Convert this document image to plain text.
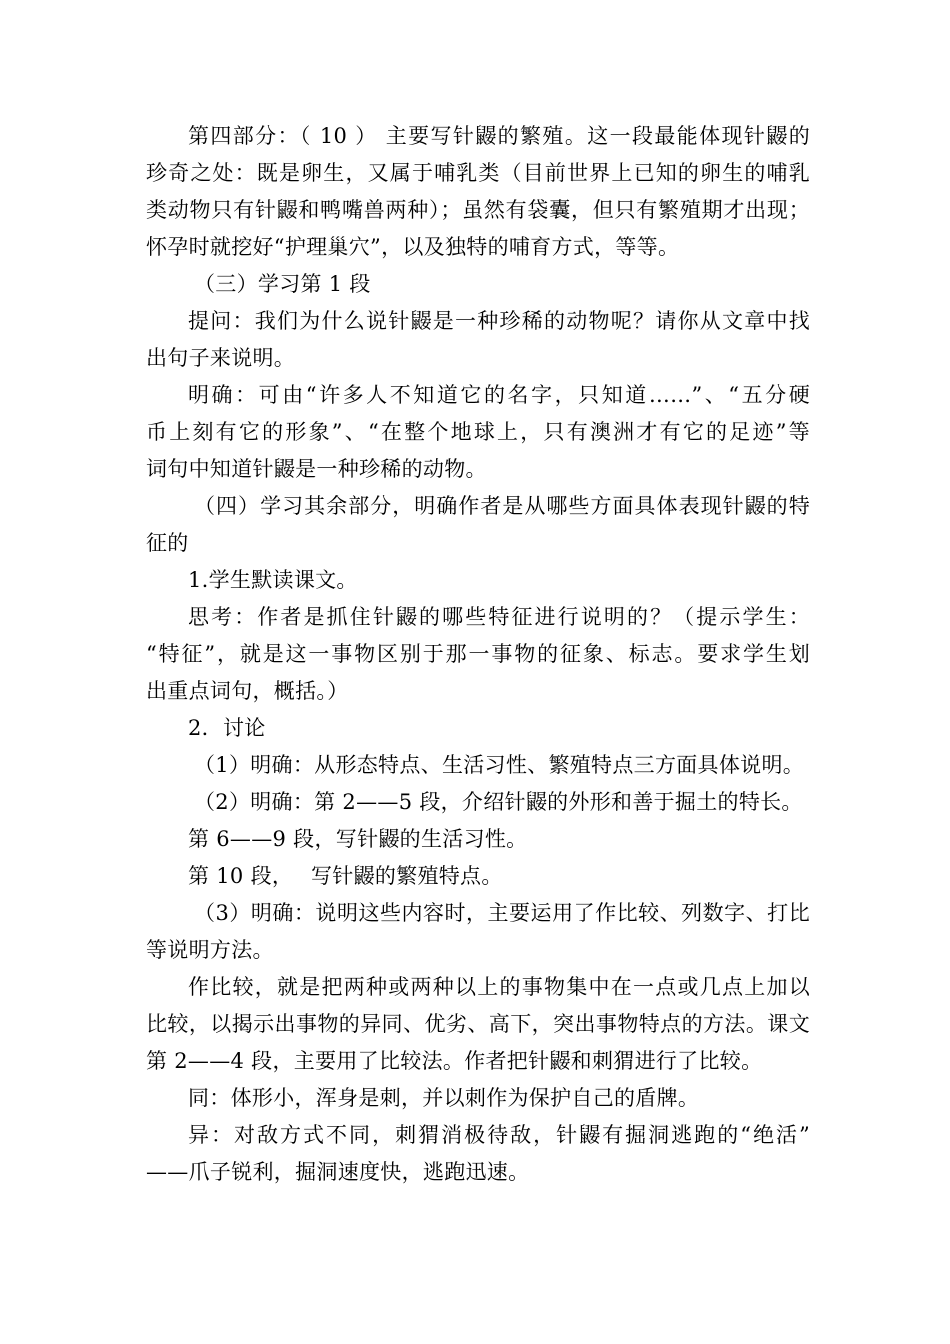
第四部分：（ 10 ） 主要写针鼹的繁殖。这一段最能体现针鼹的
珍奇之处：既是卵生，又属于哺乳类（目前世界上已知的卵生的哺乳
类动物只有针鼹和鸭嘴兽两种）；虽然有袋囊，但只有繁殖期才出现；
怀孕时就挖好“护理巢穴”，以及独特的哺育方式，等等。
（三）学习第 1 段
提问：我们为什么说针鼹是一种珍稀的动物呢？请你从文章中找
出句子来说明。
明确：可由“许多人不知道它的名字，只知道……”、“五分硬
币上刻有它的形象”、“在整个地球上，只有澳洲才有它的足迹”等
词句中知道针鼹是一种珍稀的动物。
（四）学习其余部分，明确作者是从哪些方面具体表现针鼹的特
征的
1.学生默读课文。
思考：作者是抓住针鼹的哪些特征进行说明的？（提示学生：
“特征”，就是这一事物区别于那一事物的征象、标志。要求学生划
出重点词句，概括。）
2．讨论
（1）明确：从形态特点、生活习性、繁殖特点三方面具体说明。
（2）明确：第 2——5 段，介绍针鼹的外形和善于掘土的特长。
第 6——9 段，写针鼹的生活习性。
第 10 段，　 写针鼹的繁殖特点。
（3）明确：说明这些内容时，主要运用了作比较、列数字、打比
等说明方法。
作比较，就是把两种或两种以上的事物集中在一点或几点上加以
比较，以揭示出事物的异同、优劣、高下，突出事物特点的方法。课文
第 2——4 段，主要用了比较法。作者把针鼹和刺猬进行了比较。
同：体形小，浑身是刺，并以刺作为保护自己的盾牌。
异：对敌方式不同，刺猬消极待敌，针鼹有掘洞逃跑的“绝活”
——爪子锐利，掘洞速度快，逃跑迅速。
